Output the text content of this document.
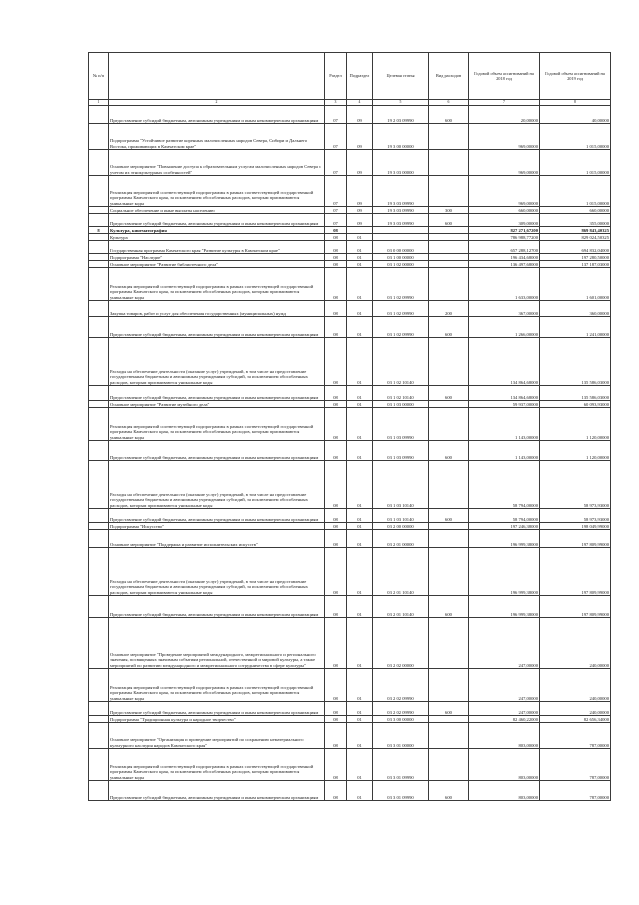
№ п/п		Раздел	Подраздел	Целевая статья	Вид расходов	Годовой объем ассигнований на 2018 год	Годовой объем ассигнований на 2019 год
1	2	3	4	5	6	7	8
	Предоставление субсидий бюджетным, автономным учреждениям и иным некоммерческим организациям	07	09	19 2 03 09990	600	20,00000	40,00000
	Подпрограмма "Устойчивое развитие коренных малочисленных народов Севера, Сибири и Дальнего Востока, проживающих в Камчатском крае"	07	09	19 3 00 00000		969,00000	1 015,00000
	Основное мероприятие "Повышение доступа к образовательным услугам малочисленных народов Севера с учетом их этнокультурных особенностей"	07	09	19 3 03 00000		969,00000	1 015,00000
	Реализация мероприятий соответствующей подпрограммы в рамках соответствующей государственной программы Камчатского края, за исключением обособленных расходов, которым присваиваются уникальные коды	07	09	19 3 03 09990		969,00000	1 015,00000
	Социальное обеспечение и иные выплаты населению	07	09	19 3 03 09990	300	660,00000	660,00000
	Предоставление субсидий бюджетным, автономным учреждениям и иным некоммерческим организациям	07	09	19 3 03 09990	600	309,00000	355,00000
8	Культура, кинематография	08				827 271,67200	869 843,40325
	Культура	08	01			786 988,77200	829 024,50325
	Государственная программа Камчатского края "Развитие культуры в Камчатском крае"	08	01	03 0 00 00000		657 288,12700	694 832,04000
	Подпрограмма "Наследие"	08	01	03 1 00 00000		196 434,68000	197 280,50000
	Основное мероприятие "Развитие библиотечного дела"	08	01	03 1 02 00000		136 497,68000	137 187,03000
	Реализация мероприятий соответствующей подпрограммы в рамках соответствующей государственной программы Камчатского края, за исключением обособленных расходов, которым присваиваются уникальные коды	08	01	03 1 02 09990		1 633,00000	1 601,00000
	Закупка товаров, работ и услуг для обеспечения государственных (муниципальных) нужд	08	01	03 1 02 09990	200	367,00000	360,00000
	Предоставление субсидий бюджетным, автономным учреждениям и иным некоммерческим организациям	08	01	03 1 02 09990	600	1 266,00000	1 241,00000
	Расходы на обеспечение деятельности (оказание услуг) учреждений, в том числе на предоставление государственным бюджетным и автономным учреждениям субсидий, за исключением обособленных расходов, которым присваиваются уникальные коды	08	01	03 1 02 10140		134 864,68000	135 586,03000
	Предоставление субсидий бюджетным, автономным учреждениям и иным некоммерческим организациям	08	01	03 1 02 10140	600	134 864,68000	135 586,03000
	Основное мероприятие "Развитие музейного дела"	08	01	03 1 03 00000		59 937,00000	60 093,93000
	Реализация мероприятий соответствующей подпрограммы в рамках соответствующей государственной программы Камчатского края, за исключением обособленных расходов, которым присваиваются уникальные коды	08	01	03 1 03 09990		1 143,00000	1 120,00000
	Предоставление субсидий бюджетным, автономным учреждениям и иным некоммерческим организациям	08	01	03 1 03 09990	600	1 143,00000	1 120,00000
	Расходы на обеспечение деятельности (оказание услуг) учреждений, в том числе на предоставление государственным бюджетным и автономным учреждениям субсидий, за исключением обособленных расходов, которым присваиваются уникальные коды	08	01	03 1 03 10140		58 794,00000	58 973,93000
	Предоставление субсидий бюджетным, автономным учреждениям и иным некоммерческим организациям	08	01	03 1 03 10140	600	58 794,00000	58 973,93000
	Подпрограмма "Искусство"	08	01	03 2 00 00000		197 246,38000	198 049,99000
	Основное мероприятие "Поддержка и развитие исполнительских искусств"	08	01	03 2 01 00000		196 999,38000	197 809,99000
	Расходы на обеспечение деятельности (оказание услуг) учреждений, в том числе на предоставление государственным бюджетным и автономным учреждениям субсидий, за исключением обособленных расходов, которым присваиваются уникальные коды	08	01	03 2 01 10140		196 999,38000	197 809,99000
	Предоставление субсидий бюджетным, автономным учреждениям и иным некоммерческим организациям	08	01	03 2 01 10140	600	196 999,38000	197 809,99000
	Основное мероприятие "Проведение мероприятий международного, межрегионального и регионального значения, посвященных значимым событиям региональной, отечественной и мировой культуры, а также мероприятий по развитию международного и межрегионального сотрудничества в сфере культуры"	08	01	03 2 02 00000		247,00000	240,00000
	Реализация мероприятий соответствующей подпрограммы в рамках соответствующей государственной программы Камчатского края, за исключением обособленных расходов, которым присваиваются уникальные коды	08	01	03 2 02 09990		247,00000	240,00000
	Предоставление субсидий бюджетным, автономным учреждениям и иным некоммерческим организациям	08	01	03 2 02 09990	600	247,00000	240,00000
	Подпрограмма "Традиционная культура и народное творчество"	08	01	03 3 00 00000		82 460,22000	82 656,34000
	Основное мероприятие "Организация и проведение мероприятий по сохранению нематериального культурного наследия народов Камчатского края"	08	01	03 3 01 00000		803,00000	787,00000
	Реализация мероприятий соответствующей подпрограммы в рамках соответствующей государственной программы Камчатского края, за исключением обособленных расходов, которым присваиваются уникальные коды	08	01	03 3 01 09990		803,00000	787,00000
	Предоставление субсидий бюджетным, автономным учреждениям и иным некоммерческим организациям	08	01	03 3 01 09990	600	803,00000	787,00000
